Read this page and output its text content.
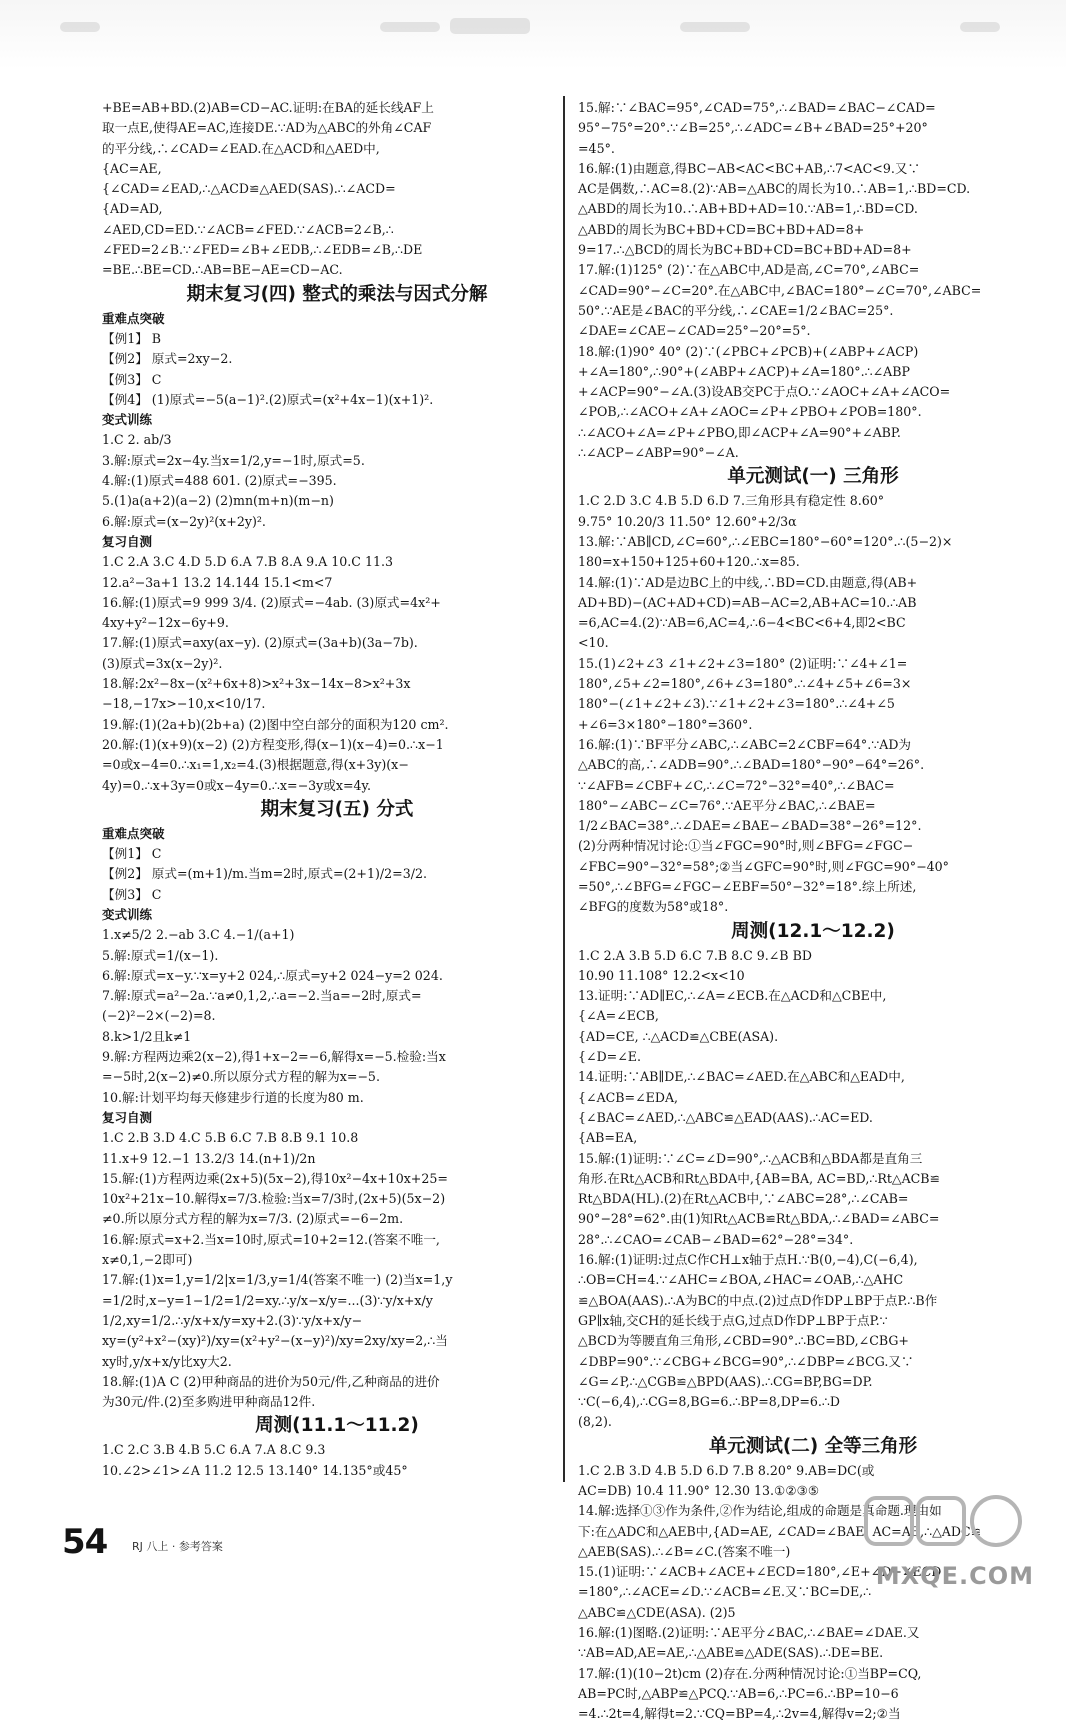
+BE=AB+BD.(2)AB=CD−AC.证明:在BA的延长线AF上
取一点E,使得AE=AC,连接DE.∵AD为△ABC的外角∠CAF
的平分线,∴∠CAD=∠EAD.在△ACD和△AED中,
{AC=AE,
{∠CAD=∠EAD,∴△ACD≌△AED(SAS).∴∠ACD=
{AD=AD,
∠AED,CD=ED.∵∠ACB=∠FED.∵∠ACB=2∠B,∴
∠FED=2∠B.∵∠FED=∠B+∠EDB,∴∠EDB=∠B,∴DE
=BE.∴BE=CD.∴AB=BE−AE=CD−AC.
期末复习(四) 整式的乘法与因式分解
重难点突破
【例1】 B
【例2】 原式=2xy−2.
【例3】 C
【例4】 (1)原式=−5(a−1)².(2)原式=(x²+4x−1)(x+1)².
变式训练
1.C 2. ab/3
3.解:原式=2x−4y.当x=1/2,y=−1时,原式=5.
4.解:(1)原式=488 601. (2)原式=−395.
5.(1)a(a+2)(a−2) (2)mn(m+n)(m−n)
6.解:原式=(x−2y)²(x+2y)².
复习自测
1.C 2.A 3.C 4.D 5.D 6.A 7.B 8.A 9.A 10.C 11.3
12.a²−3a+1 13.2 14.144 15.1<m<7
16.解:(1)原式=9 999 3/4. (2)原式=−4ab. (3)原式=4x²+
4xy+y²−12x−6y+9.
17.解:(1)原式=axy(ax−y). (2)原式=(3a+b)(3a−7b).
(3)原式=3x(x−2y)².
18.解:2x²−8x−(x²+6x+8)>x²+3x−14x−8>x²+3x
−18,−17x>−10,x<10/17.
19.解:(1)(2a+b)(2b+a) (2)图中空白部分的面积为120 cm².
20.解:(1)(x+9)(x−2) (2)方程变形,得(x−1)(x−4)=0.∴x−1
=0或x−4=0.∴x₁=1,x₂=4.(3)根据题意,得(x+3y)(x−
4y)=0.∴x+3y=0或x−4y=0.∴x=−3y或x=4y.
期末复习(五) 分式
重难点突破
【例1】 C
【例2】 原式=(m+1)/m.当m=2时,原式=(2+1)/2=3/2.
【例3】 C
变式训练
1.x≠5/2 2.−ab 3.C 4.−1/(a+1)
5.解:原式=1/(x−1).
6.解:原式=x−y.∵x=y+2 024,∴原式=y+2 024−y=2 024.
7.解:原式=a²−2a.∵a≠0,1,2,∴a=−2.当a=−2时,原式=
(−2)²−2×(−2)=8.
8.k>1/2且k≠1
9.解:方程两边乘2(x−2),得1+x−2=−6,解得x=−5.检验:当x
=−5时,2(x−2)≠0.所以原分式方程的解为x=−5.
10.解:计划平均每天修建步行道的长度为80 m.
复习自测
1.C 2.B 3.D 4.C 5.B 6.C 7.B 8.B 9.1 10.8
11.x+9 12.−1 13.2/3 14.(n+1)/2n
15.解:(1)方程两边乘(2x+5)(5x−2),得10x²−4x+10x+25=
10x²+21x−10.解得x=7/3.检验:当x=7/3时,(2x+5)(5x−2)
≠0.所以原分式方程的解为x=7/3. (2)原式=−6−2m.
16.解:原式=x+2.当x=10时,原式=10+2=12.(答案不唯一,
x≠0,1,−2即可)
17.解:(1)x=1,y=1/2|x=1/3,y=1/4(答案不唯一) (2)当x=1,y
=1/2时,x−y=1−1/2=1/2=xy.∴y/x−x/y=...(3)∵y/x+x/y
1/2,xy=1/2.∴y/x+x/y=xy+2.(3)∵y/x+x/y−
xy=(y²+x²−(xy)²)/xy=(x²+y²−(x−y)²)/xy=2xy/xy=2,∴当
xy时,y/x+x/y比xy大2.
18.解:(1)A C (2)甲种商品的进价为50元/件,乙种商品的进价
为30元/件.(2)至多购进甲种商品12件.
周测(11.1～11.2)
1.C 2.C 3.B 4.B 5.C 6.A 7.A 8.C 9.3
10.∠2>∠1>∠A 11.2 12.5 13.140° 14.135°或45°
15.解:∵∠BAC=95°,∠CAD=75°,∴∠BAD=∠BAC−∠CAD=
95°−75°=20°.∵∠B=25°,∴∠ADC=∠B+∠BAD=25°+20°
=45°.
16.解:(1)由题意,得BC−AB<AC<BC+AB,∴7<AC<9.又∵
AC是偶数,∴AC=8.(2)∵AB=△ABC的周长为10.∴AB=1,∴BD=CD.
△ABD的周长为10.∴AB+BD+AD=10.∵AB=1,∴BD=CD.
△ABD的周长为BC+BD+CD=BC+BD+AD=8+
9=17.∴△BCD的周长为BC+BD+CD=BC+BD+AD=8+
17.解:(1)125° (2)∵在△ABC中,AD是高,∠C=70°,∠ABC=
∠CAD=90°−∠C=20°.在△ABC中,∠BAC=180°−∠C=70°,∠ABC=
50°.∵AE是∠BAC的平分线,∴∠CAE=1/2∠BAC=25°.
∠DAE=∠CAE−∠CAD=25°−20°=5°.
18.解:(1)90° 40° (2)∵(∠PBC+∠PCB)+(∠ABP+∠ACP)
+∠A=180°,∴90°+(∠ABP+∠ACP)+∠A=180°.∴∠ABP
+∠ACP=90°−∠A.(3)设AB交PC于点O.∵∠AOC+∠A+∠ACO=
∠POB,∴∠ACO+∠A+∠AOC=∠P+∠PBO+∠POB=180°.
∴∠ACO+∠A=∠P+∠PBO,即∠ACP+∠A=90°+∠ABP.
∴∠ACP−∠ABP=90°−∠A.
单元测试(一) 三角形
1.C 2.D 3.C 4.B 5.D 6.D 7.三角形具有稳定性 8.60°
9.75° 10.20/3 11.50° 12.60°+2/3α
13.解:∵AB∥CD,∠C=60°,∴∠EBC=180°−60°=120°.∴(5−2)×
180=x+150+125+60+120.∴x=85.
14.解:(1)∵AD是边BC上的中线,∴BD=CD.由题意,得(AB+
AD+BD)−(AC+AD+CD)=AB−AC=2,AB+AC=10.∴AB
=6,AC=4.(2)∵AB=6,AC=4,∴6−4<BC<6+4,即2<BC
<10.
15.(1)∠2+∠3 ∠1+∠2+∠3=180° (2)证明:∵∠4+∠1=
180°,∠5+∠2=180°,∠6+∠3=180°.∴∠4+∠5+∠6=3×
180°−(∠1+∠2+∠3).∵∠1+∠2+∠3=180°.∴∠4+∠5
+∠6=3×180°−180°=360°.
16.解:(1)∵BF平分∠ABC,∴∠ABC=2∠CBF=64°.∵AD为
△ABC的高,∴∠ADB=90°.∴∠BAD=180°−90°−64°=26°.
∵∠AFB=∠CBF+∠C,∴∠C=72°−32°=40°,∴∠BAC=
180°−∠ABC−∠C=76°.∵AE平分∠BAC,∴∠BAE=
1/2∠BAC=38°.∴∠DAE=∠BAE−∠BAD=38°−26°=12°.
(2)分两种情况讨论:①当∠FGC=90°时,则∠BFG=∠FGC−
∠FBC=90°−32°=58°;②当∠GFC=90°时,则∠FGC=90°−40°
=50°,∴∠BFG=∠FGC−∠EBF=50°−32°=18°.综上所述,
∠BFG的度数为58°或18°.
周测(12.1～12.2)
1.C 2.A 3.B 5.D 6.C 7.B 8.C 9.∠B BD
10.90 11.108° 12.2<x<10
13.证明:∵AD∥EC,∴∠A=∠ECB.在△ACD和△CBE中,
{∠A=∠ECB,
{AD=CE, ∴△ACD≌△CBE(ASA).
{∠D=∠E.
14.证明:∵AB∥DE,∴∠BAC=∠AED.在△ABC和△EAD中,
{∠ACB=∠EDA,
{∠BAC=∠AED,∴△ABC≌△EAD(AAS).∴AC=ED.
{AB=EA,
15.解:(1)证明:∵∠C=∠D=90°,∴△ACB和△BDA都是直角三
角形.在Rt△ACB和Rt△BDA中,{AB=BA, AC=BD,∴Rt△ACB≌
Rt△BDA(HL).(2)在Rt△ACB中,∵∠ABC=28°,∴∠CAB=
90°−28°=62°.由(1)知Rt△ACB≌Rt△BDA,∴∠BAD=∠ABC=
28°.∴∠CAO=∠CAB−∠BAD=62°−28°=34°.
16.解:(1)证明:过点C作CH⊥x轴于点H.∵B(0,−4),C(−6,4),
∴OB=CH=4.∵∠AHC=∠BOA,∠HAC=∠OAB,∴△AHC
≌△BOA(AAS).∴A为BC的中点.(2)过点D作DP⊥BP于点P.∴B作
GP∥x轴,交CH的延长线于点G,过点D作DP⊥BP于点P.∵
△BCD为等腰直角三角形,∠CBD=90°.∴BC=BD,∠CBG+
∠DBP=90°.∵∠CBG+∠BCG=90°,∴∠DBP=∠BCG.又∵
∠G=∠P,∴△CGB≌△BPD(AAS).∴CG=BP,BG=DP.
∵C(−6,4),∴CG=8,BG=6.∴BP=8,DP=6.∴D
(8,2).
单元测试(二) 全等三角形
1.C 2.B 3.D 4.B 5.D 6.D 7.B 8.20° 9.AB=DC(或
AC=DB) 10.4 11.90° 12.30 13.①②③⑤
14.解:选择①③作为条件,②作为结论,组成的命题是真命题.理由如
下:在△ADC和△AEB中,{AD=AE, ∠CAD=∠BAE, AC=AB,∴△ADC≌
△AEB(SAS).∴∠B=∠C.(答案不唯一)
15.(1)证明:∵∠ACB+∠ACE+∠ECD=180°,∠E+∠D+∠ECD
=180°,∴∠ACE=∠D.∵∠ACB=∠E.又∵BC=DE,∴
△ABC≌△CDE(ASA). (2)5
16.解:(1)图略.(2)证明:∵AE平分∠BAC,∴∠BAE=∠DAE.又
∵AB=AD,AE=AE,∴△ABE≌△ADE(SAS).∴DE=BE.
17.解:(1)(10−2t)cm (2)存在.分两种情况讨论:①当BP=CQ,
AB=PC时,△ABP≌△PCQ.∵AB=6,∴PC=6.∴BP=10−6
=4.∴2t=4,解得t=2.∵CQ=BP=4,∴2v=4,解得v=2;②当
54 RJ 八上 · 参考答案
MXQE.COM
